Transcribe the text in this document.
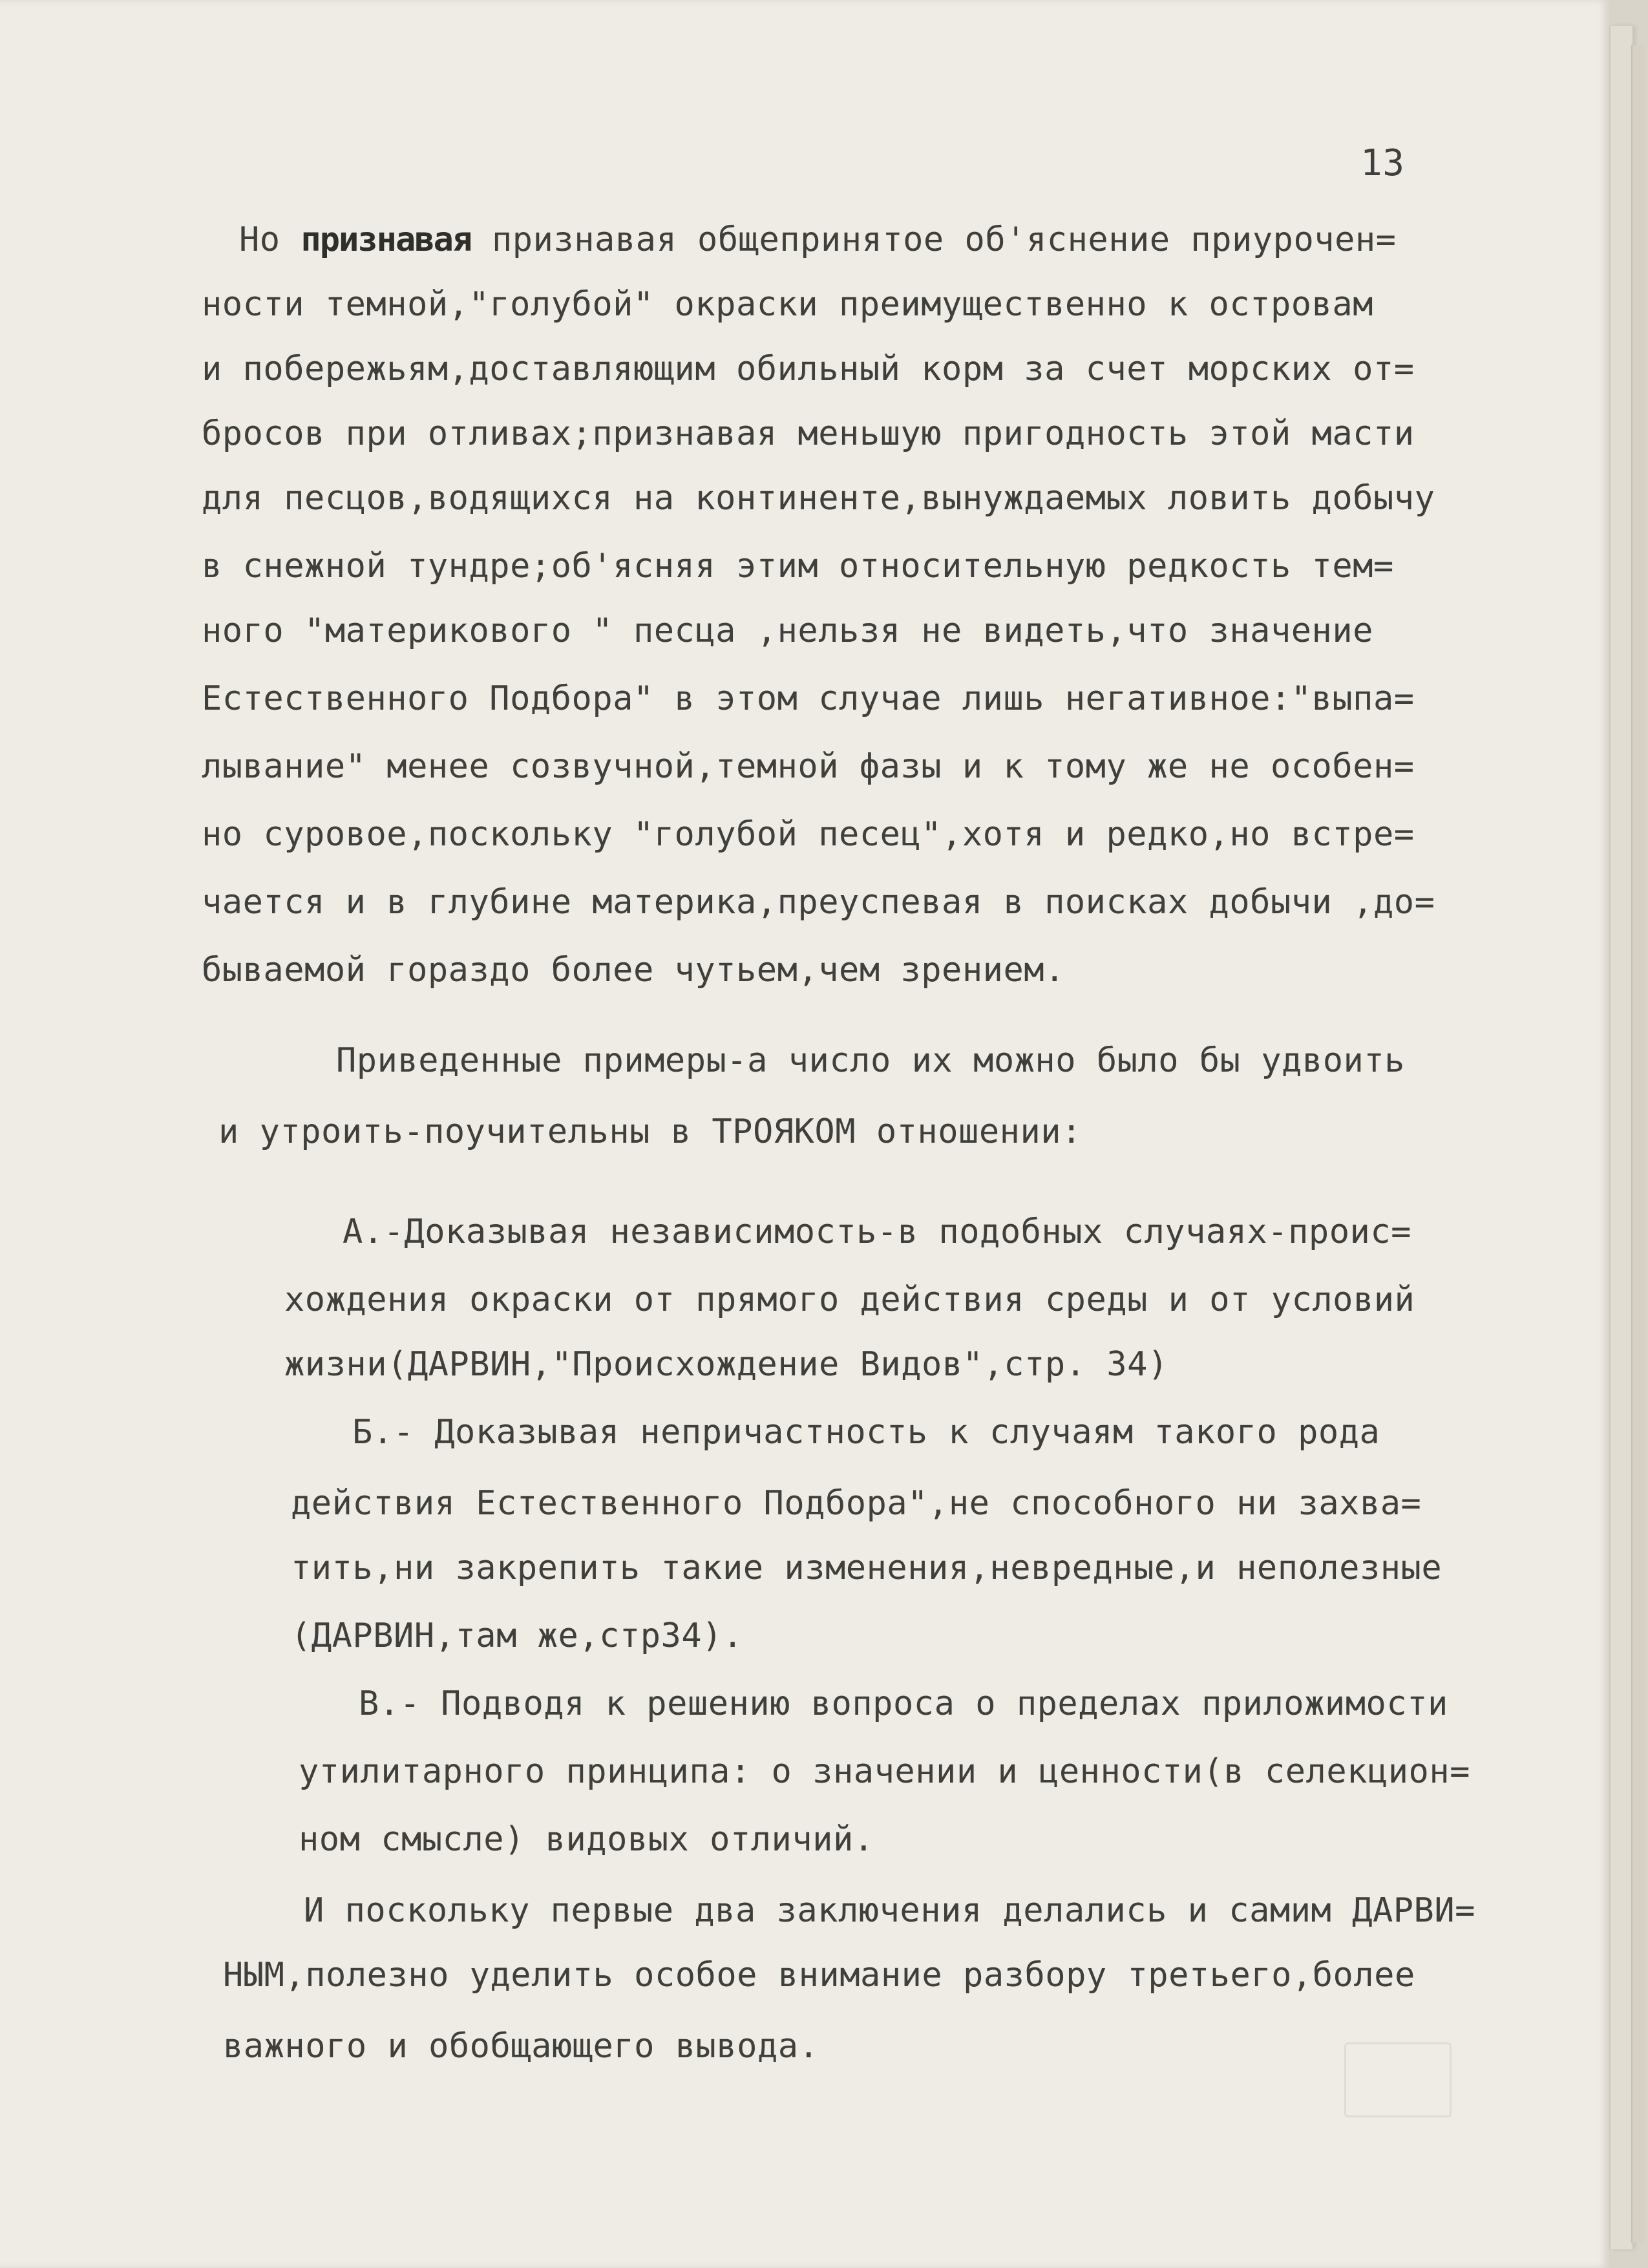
13
Но признавая признавая общепринятое об'яснение приурочен=
ности темной,"голубой" окраски преимущественно к островам
и побережьям,доставляющим обильный корм за счет морских от=
бросов при отливах;признавая меньшую пригодность этой масти
для песцов,водящихся на континенте,вынуждаемых ловить добычу
в снежной тундре;об'ясняя этим относительную редкость тем=
ного "материкового " песца ,нельзя не видеть,что значение
Естественного Подбора" в этом случае лишь негативное:"выпа=
лывание" менее созвучной,темной фазы и к тому же не особен=
но суровое,поскольку "голубой песец",хотя и редко,но встре=
чается и в глубине материка,преуспевая в поисках добычи ,до=
бываемой гораздо более чутьем,чем зрением.
Приведенные примеры-а число их можно было бы удвоить
и утроить-поучительны в ТРОЯКОМ отношении:
А.-Доказывая независимость-в подобных случаях-проис=
хождения окраски от прямого действия среды и от условий
жизни(ДАРВИН,"Происхождение Видов",стр. 34)
Б.- Доказывая непричастность к случаям такого рода
действия Естественного Подбора",не способного ни захва=
тить,ни закрепить такие изменения,невредные,и неполезные
(ДАРВИН,там же,стр34).
В.- Подводя к решению вопроса о пределах приложимости
утилитарного принципа: о значении и ценности(в селекцион=
ном смысле) видовых отличий.
И поскольку первые два заключения делались и самим ДАРВИ=
НЫМ,полезно уделить особое внимание разбору третьего,более
важного и обобщающего вывода.
